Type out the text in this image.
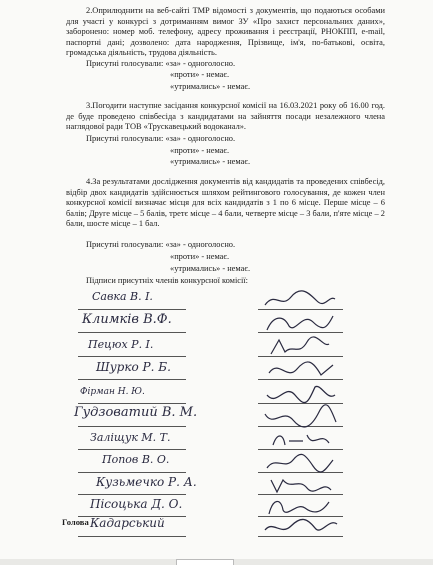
2.Оприлюднити на веб-сайті ТМР відомості з документів, що подаються особами для участі у конкурсі з дотриманням вимог ЗУ «Про захист персональних даних», заборонено: номер моб. телефону, адресу проживання і реєстрації, РНОКПП, e-mail, паспортні дані; дозволено: дата народження, Прізвище, ім'я, по-батькові, освіта, громадська діяльність, трудова діяльність.
Присутні голосували: «за» - одноголосно.
«проти» - немає.
«утримались» - немає.
3.Погодити наступне засідання конкурсної комісії на 16.03.2021 року об 16.00 год. де буде проведено співбесіда з кандидатами на зайняття посади незалежного члена наглядової ради ТОВ «Трускавецький водоканал».
Присутні голосували: «за» - одноголосно.
«проти» - немає.
«утримались» - немає.
4.За результатами дослідження документів від кандидатів та проведених співбесід, відбір двох кандидатів здійснюється шляхом рейтингового голосування, де кожен член конкурсної комісії визначає місця для всіх кандидатів з 1 по 6 місце. Перше місце – 6 балів; Друге місце – 5 балів, третє місце – 4 бали, четверте місце – 3 бали, п'яте місце – 2 бали, шосте місце – 1 бал.
Присутні голосували: «за» - одноголосно.
«проти» - немає.
«утримались» - немає.
Підписи присутніх членів конкурсної комісії:
Савка В. І.
Климків В.Ф.
Пецюх Р. І.
Шурко Р. Б.
Фірман Н. Ю.
Гудзоватий В. М.
Заліщук М. Т.
Попов В. О.
Кузьмечко Р. А.
Пісоцька Д. О.
Кадарський
Голова
